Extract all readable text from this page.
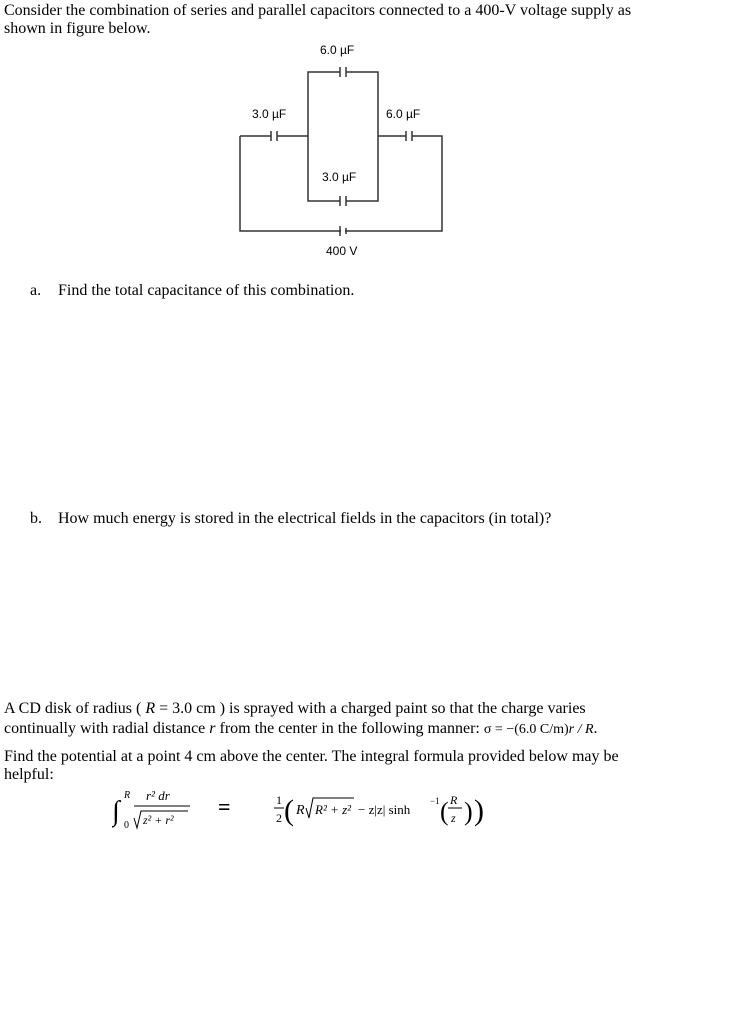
Consider the combination of series and parallel capacitors connected to a 400-V voltage supply as

shown in figure below.

6.0 µF
3.0 µF	6.0 µF
3.0 µF
400 V
a. Find the total capacitance of this combination.
b. How much energy is stored in the electrical fields in the capacitors (in total)?

A CD disk of radius ( R = 3.0 cm ) is sprayed with a charged paint so that the charge varies

continually with radial distance r from the center in the following manner: σ = −(6.0 C/m)r / R.

Find the potential at a point 4 cm above the center. The integral formula provided below may be

helpful:

∫
R
0
r² dr
z² + r²
=	1
2 ( R R² + z² − z|z| sinh
−1 ( R
z ) )
